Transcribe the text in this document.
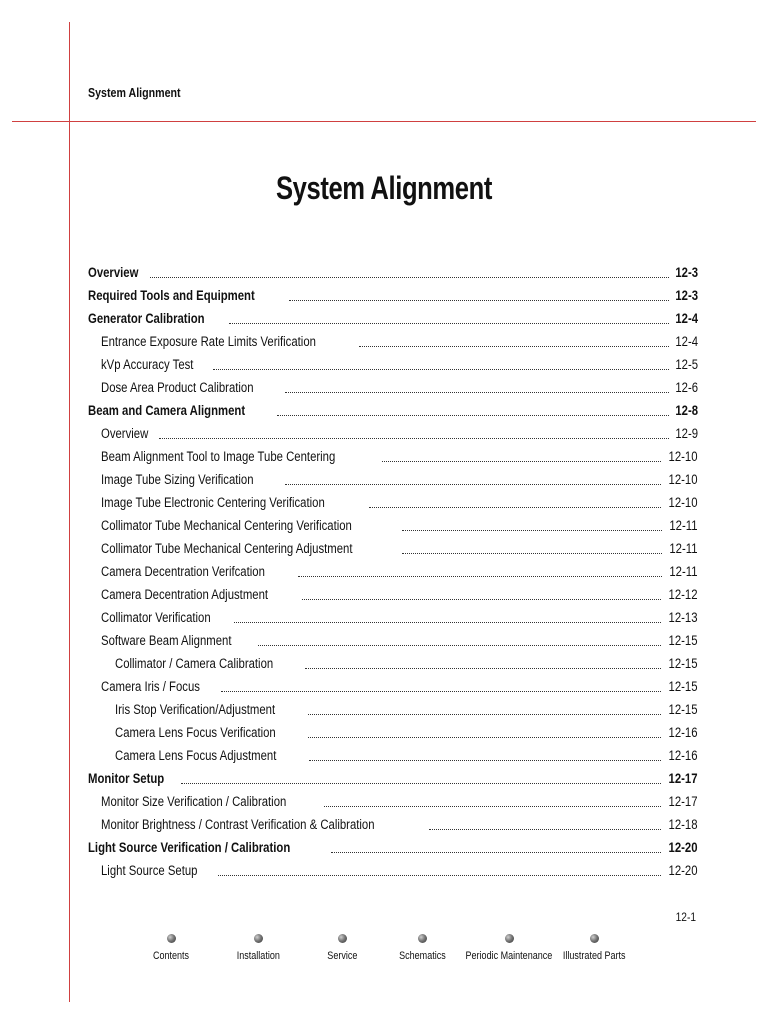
System Alignment
System Alignment
Overview	12-3
Required Tools and Equipment	12-3
Generator Calibration	12-4
Entrance Exposure Rate Limits Verification	12-4
kVp Accuracy Test	12-5
Dose Area Product Calibration	12-6
Beam and Camera Alignment	12-8
Overview	12-9
Beam Alignment Tool to Image Tube Centering	12-10
Image Tube Sizing Verification	12-10
Image Tube Electronic Centering Verification	12-10
Collimator Tube Mechanical Centering Verification	12-11
Collimator Tube Mechanical Centering Adjustment	12-11
Camera Decentration Verifcation	12-11
Camera Decentration Adjustment	12-12
Collimator Verification	12-13
Software Beam Alignment	12-15
Collimator / Camera Calibration	12-15
Camera Iris / Focus	12-15
Iris Stop Verification/Adjustment	12-15
Camera Lens Focus Verification	12-16
Camera Lens Focus Adjustment	12-16
Monitor Setup	12-17
Monitor Size Verification / Calibration	12-17
Monitor Brightness / Contrast Verification & Calibration	12-18
Light Source Verification / Calibration	12-20
Light Source Setup	12-20
12-1
Contents	Installation	Service	Schematics	Periodic Maintenance Illustrated Parts
